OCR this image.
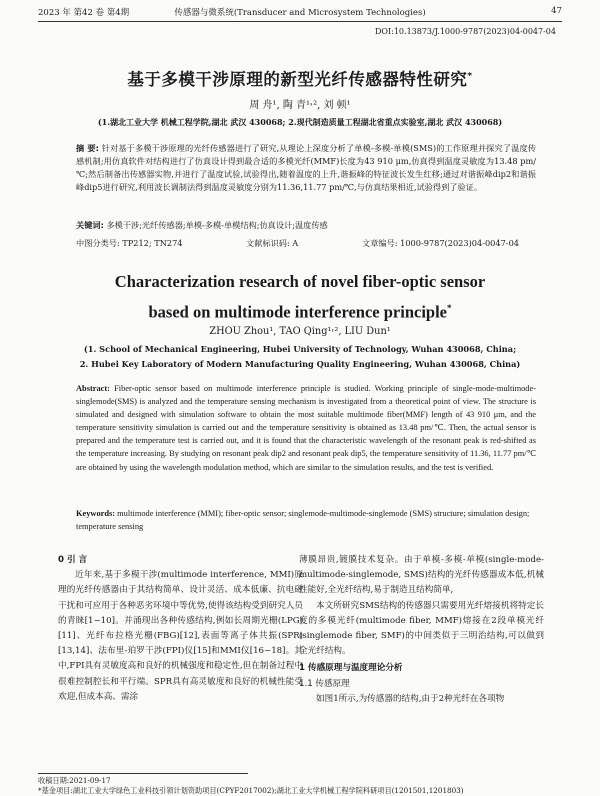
2023 年 第42 卷 第4期	传感器与微系统(Transducer and Microsystem Technologies)	47
DOI:10.13873/J.1000-9787(2023)04-0047-04
基于多模干涉原理的新型光纤传感器特性研究*
周 舟¹, 陶 青¹˒², 刘 顿¹
(1.湖北工业大学 机械工程学院,湖北 武汉 430068; 2.现代制造质量工程湖北省重点实验室,湖北 武汉 430068)
摘 要: 针对基于多模干涉原理的光纤传感器进行了研究,从理论上深度分析了单模-多模-单模(SMS)的工作原理并探究了温度传感机制;用仿真软件对结构进行了仿真设计得到最合适的多模光纤(MMF)长度为43 910 μm,仿真得到温度灵敏度为13.48 pm/℃;然后制备出传感器实物,并进行了温度试验,试验得出,随着温度的上升,谐振峰的特征波长发生红移;通过对谐振峰dip2和谐振峰dip5进行研究,利用波长调制法得到温度灵敏度分别为11.36,11.77 pm/℃,与仿真结果相近,试验得到了验证。
关键词: 多模干涉;光纤传感器;单模-多模-单模结构;仿真设计;温度传感
中图分类号: TP212; TN274	文献标识码: A	文章编号: 1000-9787(2023)04-0047-04
Characterization research of novel fiber-optic sensor
based on multimode interference principle*
ZHOU Zhou¹, TAO Qing¹˒², LIU Dun¹
(1. School of Mechanical Engineering, Hubei University of Technology, Wuhan 430068, China;
2. Hubei Key Laboratory of Modern Manufacturing Quality Engineering, Wuhan 430068, China)
Abstract: Fiber-optic sensor based on multimode interference principle is studied. Working principle of single-mode-multimode-singlemode(SMS) is analyzed and the temperature sensing mechanism is investigated from a theoretical point of view. The structure is simulated and designed with simulation software to obtain the most suitable multimode fiber(MMF) length of 43 910 μm, and the temperature sensitivity simulation is carried out and the temperature sensitivity is obtained as 13.48 pm/℃. Then, the actual sensor is prepared and the temperature test is carried out, and it is found that the characteristic wavelength of the resonant peak is red-shifted as the temperature increasing. By studying on resonant peak dip2 and resonant peak dip5, the temperature sensitivity of 11.36, 11.77 pm/℃ are obtained by using the wavelength modulation method, which are similar to the simulation results, and the test is verified.
Keywords: multimode interference (MMI); fiber-optic sensor; singlemode-multimode-singlemode (SMS) structure; simulation design; temperature sensing
0 引 言
近年来,基于多模干涉(multimode interference, MMI)原理的光纤传感器由于其结构简单、设计灵活、成本低廉、抗电磁干扰和可应用于各种恶劣环境中等优势,使得该结构受到研究人员的青睐[1~10]。并涌现出各种传感结构,例如长周期光栅(LPG)[11]、光纤布拉格光栅(FBG)[12],表面等离子体共振(SPR)[13,14]、法布里-珀罗干涉(FPI)仪[15]和MMI仪[16~18]。其中,FPI具有灵敏度高和良好的机械强度和稳定性,但在制备过程中很难控制腔长和平行端。SPR具有高灵敏度和良好的机械性能受欢迎,但成本高、需涂
薄膜昂贵,镀膜技术复杂。由于单模-多模-单模(single-mode-multimode-singlemode, SMS)结构的光纤传感器成本低,机械性能好,全光纤结构,易于制造且结构简单,
本文所研究SMS结构的传感器只需要用光纤熔接机将特定长度的多模光纤(multimode fiber, MMF)熔接在2段单模光纤(singlemode fiber, SMF)的中间类似于三明治结构,可以做到全光纤结构。
1 传感原理与温度理论分析
1.1 传感原理
如图1所示,为传感器的结构,由于2种光纤在各项物
收稿日期:2021-09-17
*基金项目:湖北工业大学绿色工业科技引领计划资助项目(CPYF2017002);湖北工业大学机械工程学院科研项目(1201501,1201803)
